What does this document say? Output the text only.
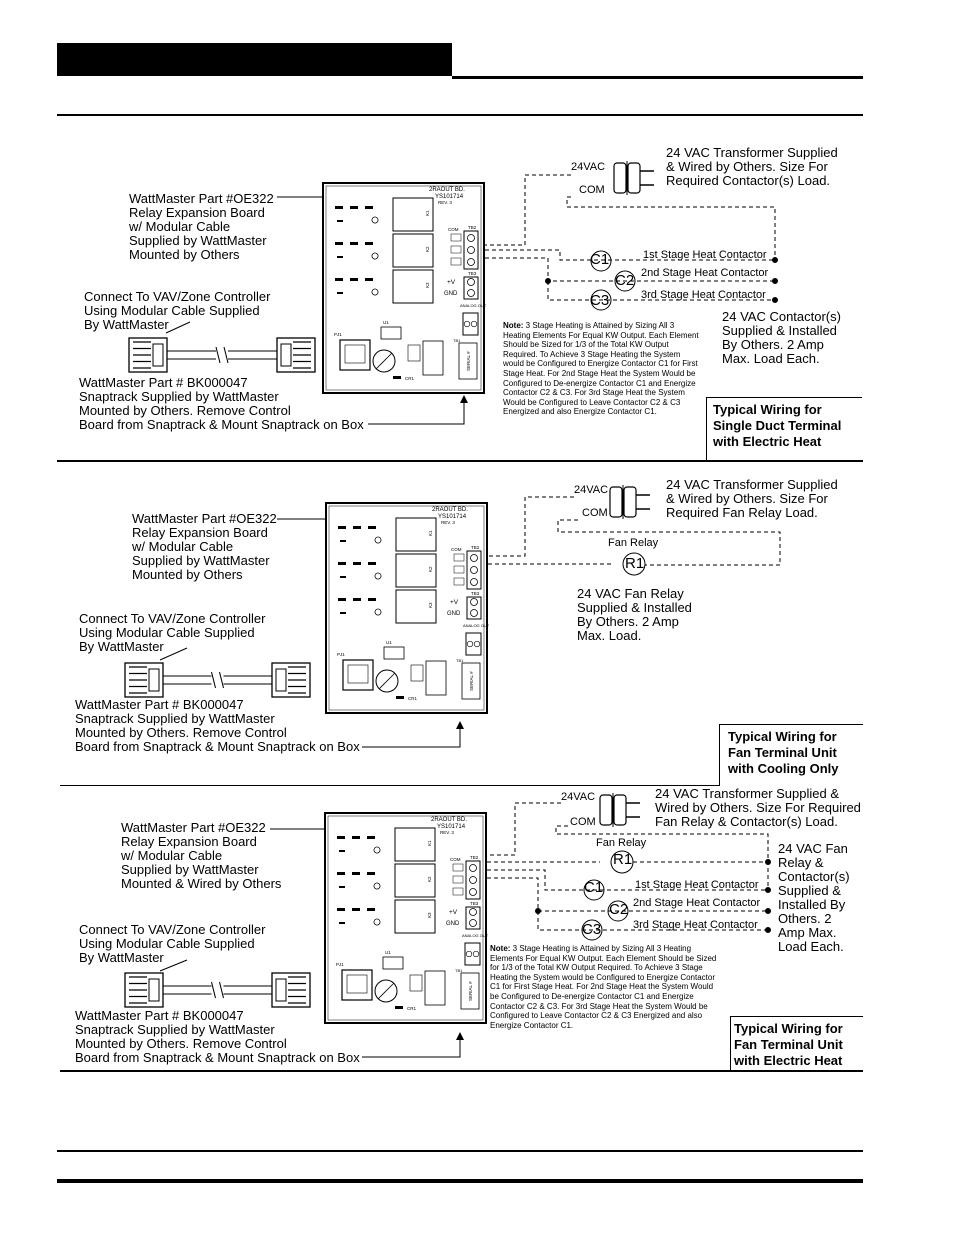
2RAOUT BD.
YS101714
REV. 3
K1
K2
K3
TB2
COM
TB3
+V
GND
ANALOG OUT
TB1
PJ1
U1
SERIAL #
CR1
2RAOUT BD.
YS101714
REV. 3
K1
K2
K3
TB2
COM
TB3
+V
GND
ANALOG OUT
TB1
PJ1
U1
SERIAL #
CR1
2RAOUT BD.
YS101714
REV. 3
K1
K2
K3
TB2
COM
TB3
+V
GND
ANALOG OUT
TB1
PJ1
U1
SERIAL #
CR1
WattMaster Part #OE322
Relay Expansion Board
w/ Modular Cable
Supplied by WattMaster
Mounted by Others
Connect To VAV/Zone Controller
Using Modular Cable Supplied
By WattMaster
WattMaster Part # BK000047
Snaptrack Supplied by WattMaster
Mounted by Others. Remove Control
Board from Snaptrack & Mount Snaptrack on Box
24VAC
COM
24 VAC Transformer Supplied
& Wired by Others. Size For
Required Contactor(s) Load.
1st Stage Heat Contactor
2nd Stage Heat Contactor
3rd Stage Heat Contactor
C1
C2
C3
24 VAC Contactor(s)
Supplied & Installed
By Others. 2 Amp
Max. Load Each.
Note: 3 Stage Heating is Attained by Sizing All 3 Heating Elements For Equal KW Output. Each Element Should be Sized for 1/3 of the Total KW Output Required. To Achieve 3 Stage Heating the System would be Configured to Energize Contactor C1 for First Stage Heat. For 2nd Stage Heat the System Would be Configured to De-energize Contactor C1 and Energize Contactor C2 & C3. For 3rd Stage Heat the System Would be Configured to Leave Contactor C2 & C3 Energized and also Energize Contactor C1.	Typical Wiring for
Single Duct Terminal
with Electric Heat
WattMaster Part #OE322
Relay Expansion Board
w/ Modular Cable
Supplied by WattMaster
Mounted by Others
Connect To VAV/Zone Controller
Using Modular Cable Supplied
By WattMaster
WattMaster Part # BK000047
Snaptrack Supplied by WattMaster
Mounted by Others. Remove Control
Board from Snaptrack & Mount Snaptrack on Box
24VAC
COM
24 VAC Transformer Supplied
& Wired by Others. Size For
Required Fan Relay Load.
Fan Relay
R1
24 VAC Fan Relay
Supplied & Installed
By Others. 2 Amp
Max. Load.
Typical Wiring for
Fan Terminal Unit
with Cooling Only
WattMaster Part #OE322
Relay Expansion Board
w/ Modular Cable
Supplied by WattMaster
Mounted & Wired by Others
Connect To VAV/Zone Controller
Using Modular Cable Supplied
By WattMaster
WattMaster Part # BK000047
Snaptrack Supplied by WattMaster
Mounted by Others. Remove Control
Board from Snaptrack & Mount Snaptrack on Box
24VAC
COM
24 VAC Transformer Supplied &
Wired by Others. Size For Required
Fan Relay & Contactor(s) Load.
Fan Relay
R1
1st Stage Heat Contactor
2nd Stage Heat Contactor
3rd Stage Heat Contactor
C1
C2
C3
24 VAC Fan
Relay &
Contactor(s)
Supplied &
Installed By
Others. 2
Amp Max.
Load Each.
Note: 3 Stage Heating is Attained by Sizing All 3 Heating Elements For Equal KW Output. Each Element Should be Sized for 1/3 of the Total KW Output Required. To Achieve 3 Stage Heating the System would be Configured to Energize Contactor C1 for First Stage Heat. For 2nd Stage Heat the System Would be Configured to De-energize Contactor C1 and Energize Contactor C2 & C3. For 3rd Stage Heat the System Would be Configured to Leave Contactor C2 & C3 Energized and also Energize Contactor C1.	Typical Wiring for
Fan Terminal Unit
with Electric Heat
